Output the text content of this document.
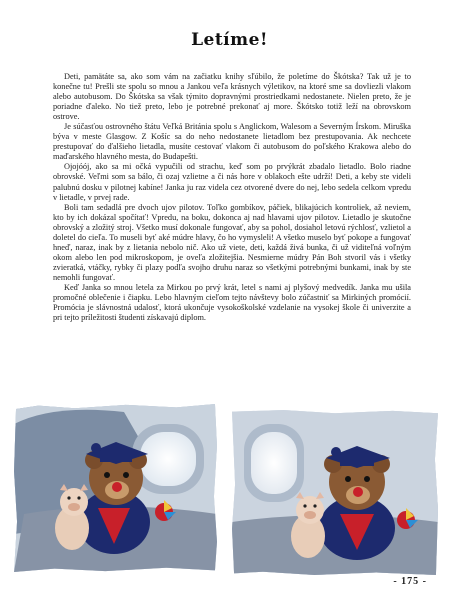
Letíme!

Deti, pamätáte sa, ako som vám na začiatku knihy sľúbilo, že poletíme do Škótska? Tak už je to konečne tu! Prešli ste spolu so mnou a Jankou veľa krásnych výletikov, na ktoré sme sa dovliezli vlakom alebo autobusom. Do Škótska sa však týmito dopravnými prostriedkami nedostanete. Nielen preto, že je poriadne ďaleko. No tiež preto, lebo je potrebné prekonať aj more. Škótsko totiž leží na obrovskom ostrove.

Je súčasťou ostrovného štátu Veľká Británia spolu s Anglickom, Walesom a Severným Írskom. Miruška býva v meste Glasgow. Z Košíc sa do neho nedostanete lietadlom bez prestupovania. Ak nechcete prestupovať do ďalšieho lietadla, musíte cestovať vlakom či autobusom do poľského Krakowa alebo do maďarského hlavného mesta, do Budapešti.

Ojojóój, ako sa mi očká vypučili od strachu, keď som po prvýkrát zbadalo lietadlo. Bolo riadne obrovské. Veľmi som sa bálo, či ozaj vzlietne a či nás hore v oblakoch ešte udrží! Deti, a keby ste videli palubnú dosku v pilotnej kabíne! Janka ju raz videla cez otvorené dvere do nej, lebo sedela celkom vpredu v lietadle, v prvej rade.

Boli tam sedadlá pre dvoch ujov pilotov. Toľko gombíkov, páčiek, blikajúcich kontroliek, až neviem, kto by ich dokázal spočítať! Vpredu, na boku, dokonca aj nad hlavami ujov pilotov. Lietadlo je skutočne obrovský a zložitý stroj. Všetko musí dokonale fungovať, aby sa pohol, dosiahol letovú rýchlosť, vzlietol a doletel do cieľa. To museli byť aké múdre hlavy, čo ho vymysleli! A všetko muselo byť pokope a fungovať hneď, naraz, inak by z lietania nebolo nič. Ako už viete, deti, každá živá bunka, či už viditeľná voľným okom alebo len pod mikroskopom, je oveľa zložitejšia. Nesmierne múdry Pán Boh stvoril vás i všetky zvieratká, vtáčky, rybky či plazy podľa svojho druhu naraz so všetkými potrebnými bunkami, inak by ste nemohli fungovať.

Keď Janka so mnou letela za Mirkou po prvý krát, letel s nami aj plyšový medvedík. Janka mu ušila promočné oblečenie i čiapku. Lebo hlavným cieľom tejto návštevy bolo zúčastniť sa Mirkiných promócií. Promócia je slávnostná udalosť, ktorá ukončuje vysokoškolské vzdelanie na vysokej škole či univerzite a pri tejto príležitosti študenti získavajú diplom.

- 175 -
